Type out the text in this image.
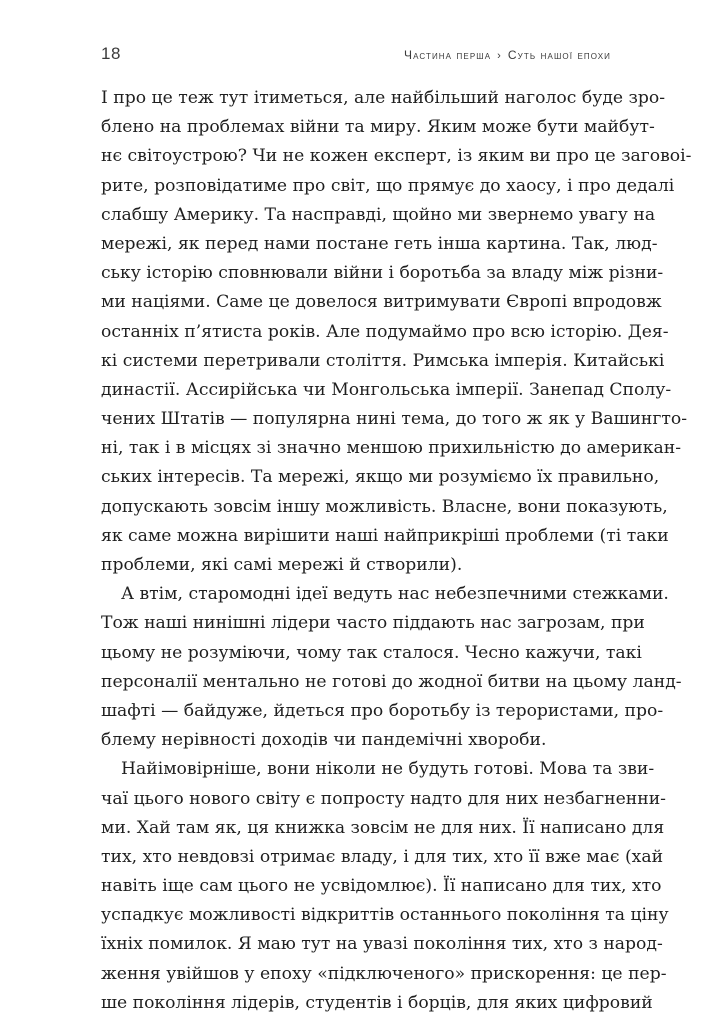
18	Частина перша › Суть нашої епохи
І про це теж тут ітиметься, але найбільший наголос буде зро-
блено на проблемах війни та миру. Яким може бути майбут-
нє світоустрою? Чи не кожен експерт, із яким ви про це заговоі-
рите, розповідатиме про світ, що прямує до хаосу, і про дедалі
слабшу Америку. Та насправді, щойно ми звернемо увагу на
мережі, як перед нами постане геть інша картина. Так, люд-
ську історію сповнювали війни і боротьба за владу між різни-
ми націями. Саме це довелося витримувати Європі впродовж
останніх п’ятиста років. Але подумаймо про всю історію. Дея-
кі системи перетривали століття. Римська імперія. Китайські
династії. Ассирійська чи Монгольська імперії. Занепад Сполу-
чених Штатів — популярна нині тема, до того ж як у Вашингто-
ні, так і в місцях зі значно меншою прихильністю до американ-
ських інтересів. Та мережі, якщо ми розуміємо їх правильно,
допускають зовсім іншу можливість. Власне, вони показують,
як саме можна вирішити наші найприкріші проблеми (ті таки
проблеми, які самі мережі й створили).
А втім, старомодні ідеї ведуть нас небезпечними стежками.
Тож наші нинішні лідери часто піддають нас загрозам, при
цьому не розуміючи, чому так сталося. Чесно кажучи, такі
персоналії ментально не готові до жодної битви на цьому ланд-
шафті — байдуже, йдеться про боротьбу із терористами, про-
блему нерівності доходів чи пандемічні хвороби.
Найімовірніше, вони ніколи не будуть готові. Мова та зви-
чаї цього нового світу є попросту надто для них незбагненни-
ми. Хай там як, ця книжка зовсім не для них. Її написано для
тих, хто невдовзі отримає владу, і для тих, хто її вже має (хай
навіть іще сам цього не усвідомлює). Її написано для тих, хто
успадкує можливості відкриттів останнього покоління та ціну
їхніх помилок. Я маю тут на увазі покоління тих, хто з народ-
ження увійшов у епоху «підключеного» прискорення: це пер-
ше покоління лідерів, студентів і борців, для яких цифровий
